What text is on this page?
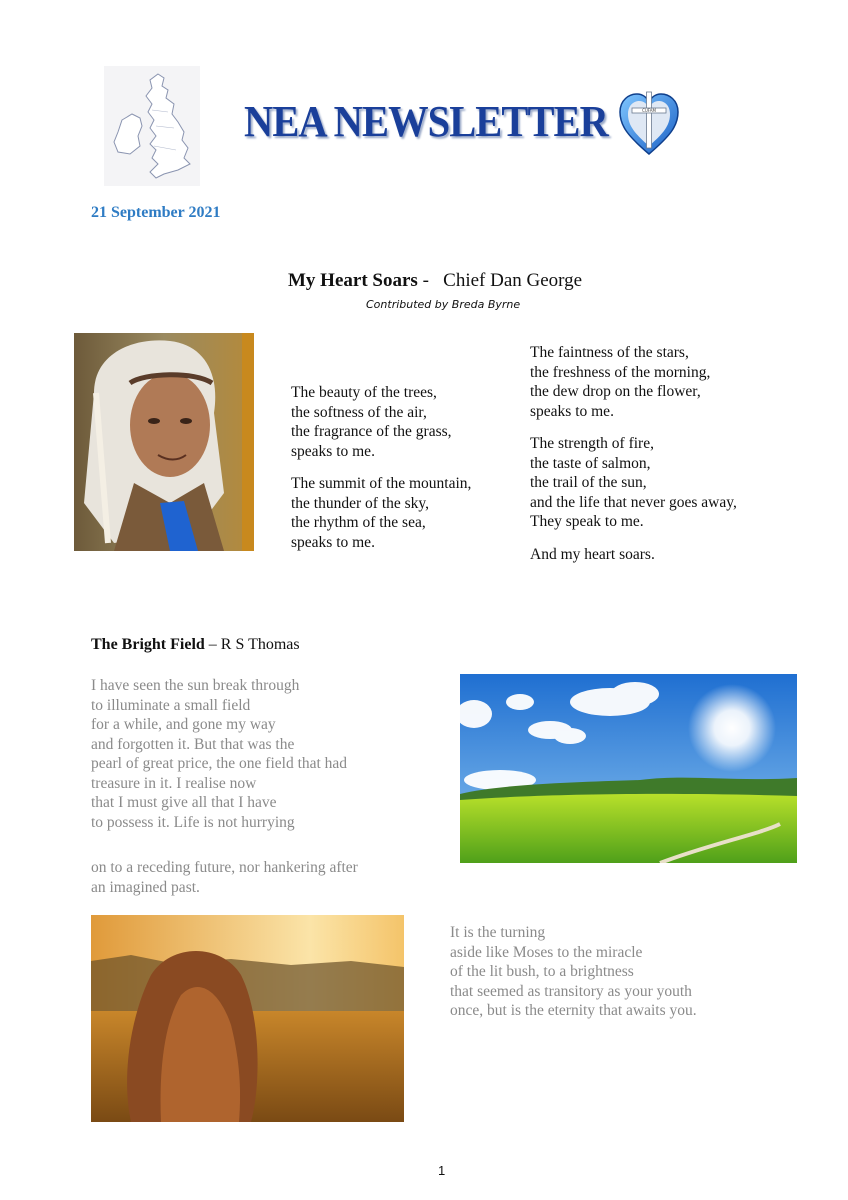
NEA NEWSLETTER	CUFAM
21 September 2021
My Heart Soars -   Chief Dan George
Contributed by Breda Byrne
The beauty of the trees,
the softness of the air,
the fragrance of the grass,
speaks to me.
The summit of the mountain,
the thunder of the sky,
the rhythm of the sea,
speaks to me.
The faintness of the stars,
the freshness of the morning,
the dew drop on the flower,
speaks to me.
The strength of fire,
the taste of salmon,
the trail of the sun,
and the life that never goes away,
They speak to me.
And my heart soars.
The Bright Field – R S Thomas
I have seen the sun break through
to illuminate a small field
for a while, and gone my way
and forgotten it. But that was the
pearl of great price, the one field that had
treasure in it. I realise now
that I must give all that I have
to possess it. Life is not hurrying
on to a receding future, nor hankering after
an imagined past.
It is the turning
aside like Moses to the miracle
of the lit bush, to a brightness
that seemed as transitory as your youth
once, but is the eternity that awaits you.
1
